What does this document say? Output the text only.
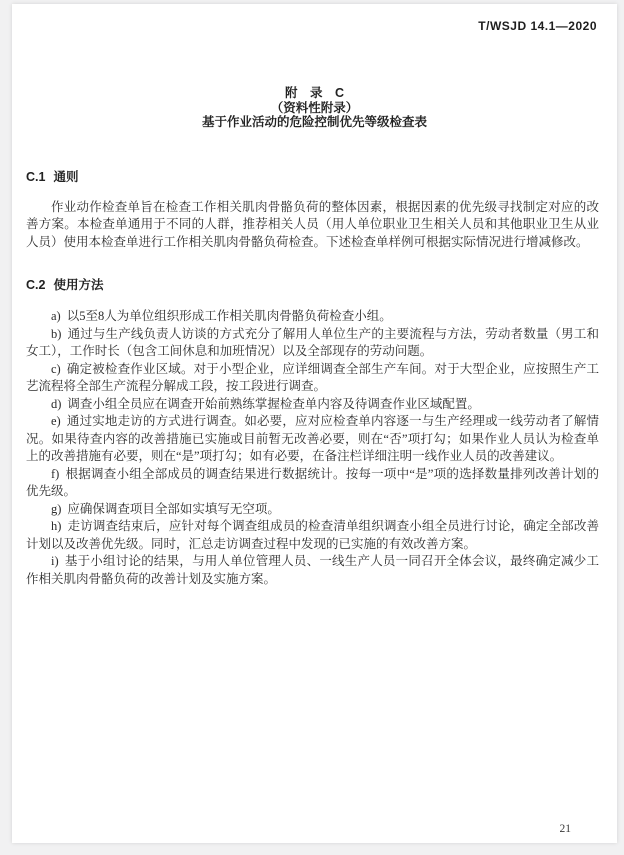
T/WSJD 14.1—2020
附　录　C
（资料性附录）
基于作业活动的危险控制优先等级检查表
C.1 通则

作业动作检查单旨在检查工作相关肌肉骨骼负荷的整体因素，根据因素的优先级寻找制定对应的改善方案。本检查单通用于不同的人群，推荐相关人员（用人单位职业卫生相关人员和其他职业卫生从业人员）使用本检查单进行工作相关肌肉骨骼负荷检查。下述检查单样例可根据实际情况进行增减修改。

C.2 使用方法

a) 以5至8人为单位组织形成工作相关肌肉骨骼负荷检查小组。

b) 通过与生产线负责人访谈的方式充分了解用人单位生产的主要流程与方法，劳动者数量（男工和女工），工作时长（包含工间休息和加班情况）以及全部现存的劳动问题。

c) 确定被检查作业区域。对于小型企业，应详细调查全部生产车间。对于大型企业，应按照生产工艺流程将全部生产流程分解成工段，按工段进行调查。

d) 调查小组全员应在调查开始前熟练掌握检查单内容及待调查作业区域配置。

e) 通过实地走访的方式进行调查。如必要，应对应检查单内容逐一与生产经理或一线劳动者了解情况。如果待查内容的改善措施已实施或目前暂无改善必要，则在“否”项打勾；如果作业人员认为检查单上的改善措施有必要，则在“是”项打勾；如有必要，在备注栏详细注明一线作业人员的改善建议。

f) 根据调查小组全部成员的调查结果进行数据统计。按每一项中“是”项的选择数量排列改善计划的优先级。

g) 应确保调查项目全部如实填写无空项。

h) 走访调查结束后，应针对每个调查组成员的检查清单组织调查小组全员进行讨论，确定全部改善计划以及改善优先级。同时，汇总走访调查过程中发现的已实施的有效改善方案。

i) 基于小组讨论的结果，与用人单位管理人员、一线生产人员一同召开全体会议，最终确定减少工作相关肌肉骨骼负荷的改善计划及实施方案。

21
